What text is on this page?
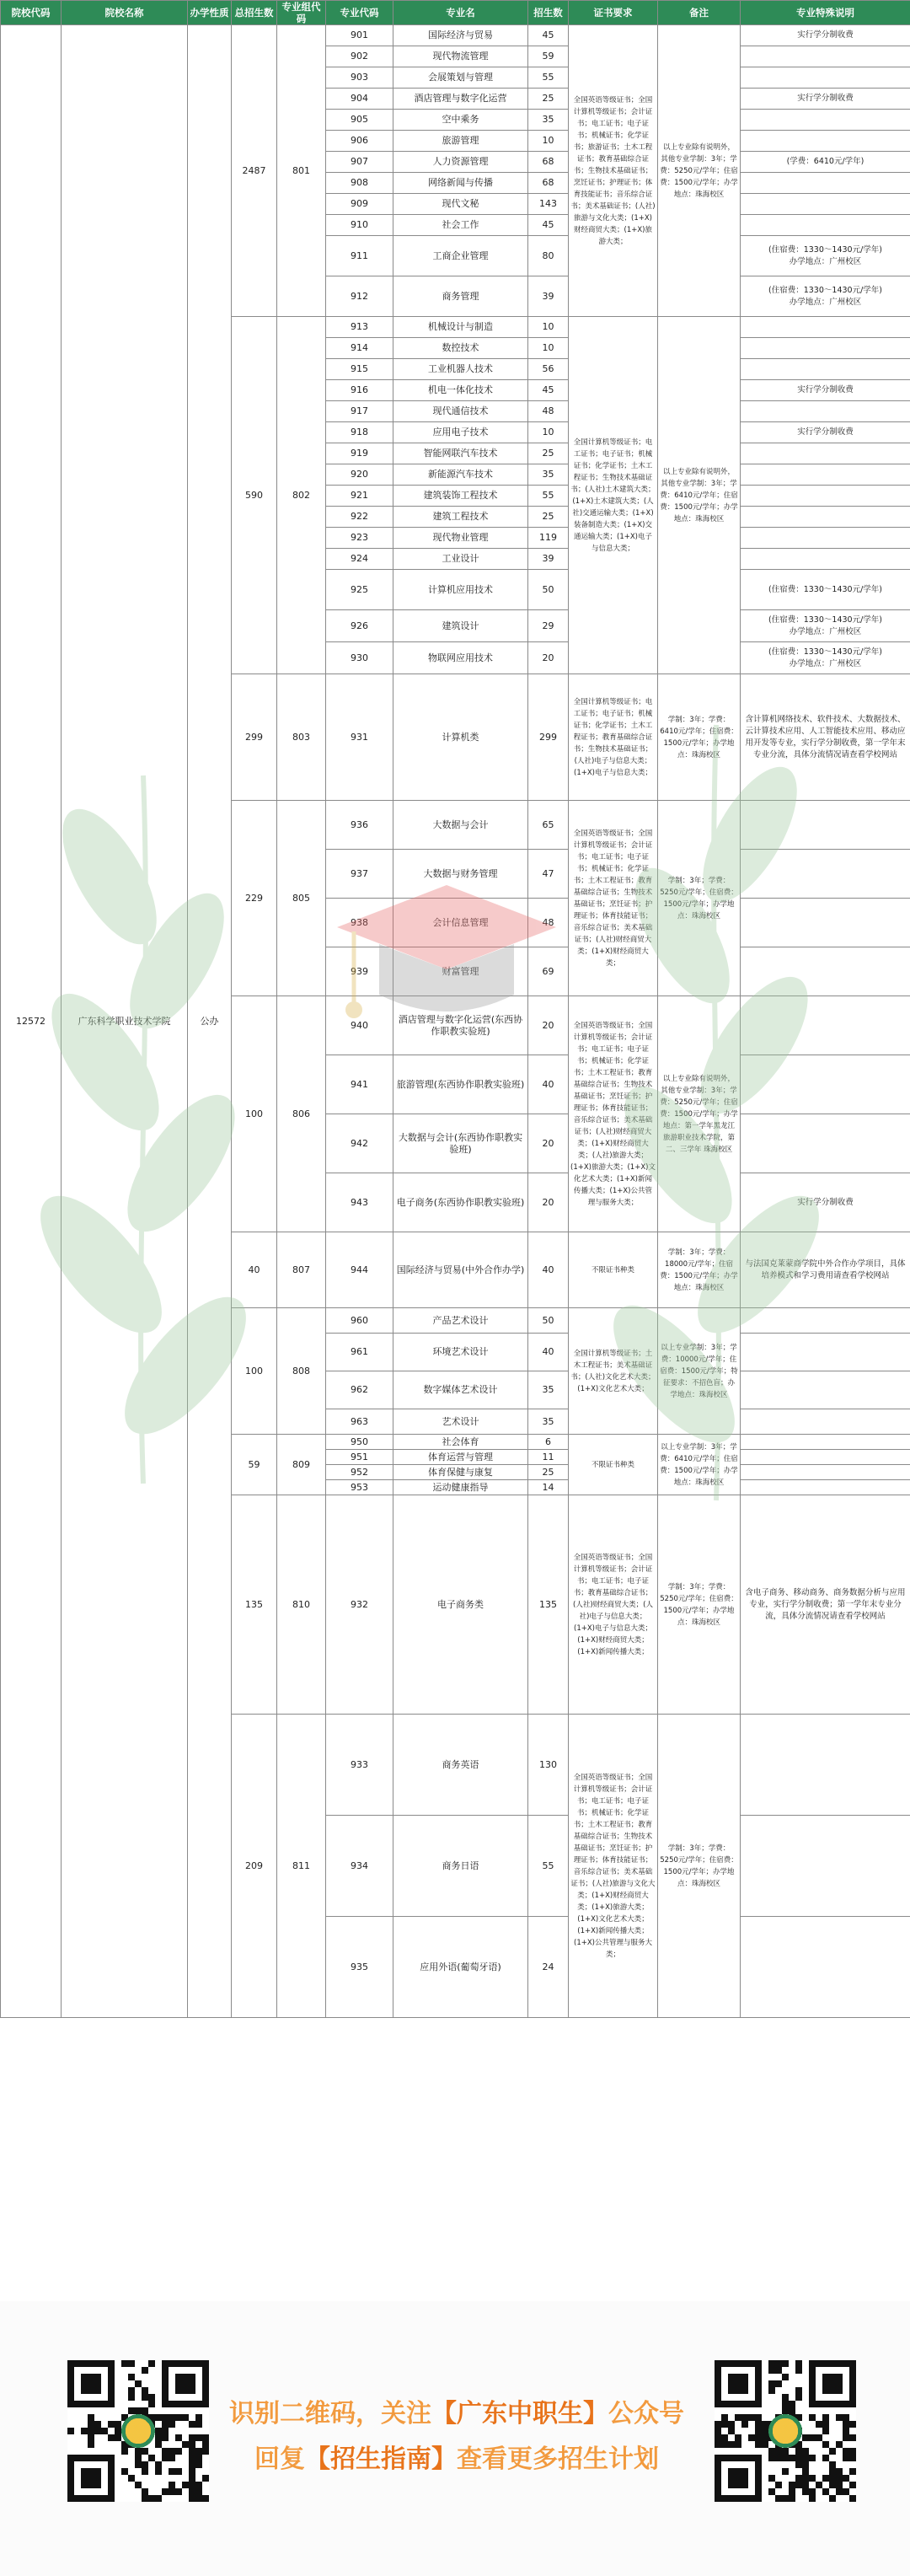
院校代码	院校名称	办学性质	总招生数	专业组代码	专业代码	专业名	招生数	证书要求	备注	专业特殊说明
12572	广东科学职业技术学院	公办	2487	801	901	国际经济与贸易	45	全国英语等级证书；全国计算机等级证书；会计证书；电工证书；电子证书；机械证书；化学证书；旅游证书；土木工程证书；教育基础综合证书；生物技术基础证书；烹饪证书；护理证书；体育技能证书；音乐综合证书；美术基础证书；(人社)旅游与文化大类；(1+X)财经商贸大类；(1+X)旅游大类；	以上专业除有说明外，其他专业学制：3年；学费：5250元/学年；住宿费：1500元/学年；办学地点：珠海校区	实行学分制收费
					902	现代物流管理	59			
					903	会展策划与管理	55			
					904	酒店管理与数字化运营	25			实行学分制收费
					905	空中乘务	35			
					906	旅游管理	10			
					907	人力资源管理	68			(学费：6410元/学年)
					908	网络新闻与传播	68			
					909	现代文秘	143			
					910	社会工作	45			
					911	工商企业管理	80			(住宿费：1330～1430元/学年)
办学地点：广州校区
					912	商务管理	39			(住宿费：1330～1430元/学年)
办学地点：广州校区
			590	802	913	机械设计与制造	10	全国计算机等级证书；电工证书；电子证书；机械证书；化学证书；土木工程证书；生物技术基础证书；(人社)土木建筑大类；(1+X)土木建筑大类；(人社)交通运输大类；(1+X)装备制造大类；(1+X)交通运输大类；(1+X)电子与信息大类；	以上专业除有说明外，其他专业学制：3年；学费：6410元/学年；住宿费：1500元/学年；办学地点：珠海校区	
					914	数控技术	10			
					915	工业机器人技术	56			
					916	机电一体化技术	45			实行学分制收费
					917	现代通信技术	48			
					918	应用电子技术	10			实行学分制收费
					919	智能网联汽车技术	25			
					920	新能源汽车技术	35			
					921	建筑装饰工程技术	55			
					922	建筑工程技术	25			
					923	现代物业管理	119			
					924	工业设计	39			
					925	计算机应用技术	50			(住宿费：1330～1430元/学年)
					926	建筑设计	29			(住宿费：1330～1430元/学年)
办学地点：广州校区
					930	物联网应用技术	20			(住宿费：1330～1430元/学年)
办学地点：广州校区
			299	803	931	计算机类	299	全国计算机等级证书；电工证书；电子证书；机械证书；化学证书；土木工程证书；教育基础综合证书；生物技术基础证书；(人社)电子与信息大类；(1+X)电子与信息大类；	学制：3年；学费：6410元/学年；住宿费：1500元/学年；办学地点：珠海校区	含计算机网络技术、软件技术、大数据技术、云计算技术应用、人工智能技术应用、移动应用开发等专业，实行学分制收费，第一学年末专业分流，具体分流情况请查看学校网站
			229	805	936	大数据与会计	65	全国英语等级证书；全国计算机等级证书；会计证书；电工证书；电子证书；机械证书；化学证书；土木工程证书；教育基础综合证书；生物技术基础证书；烹饪证书；护理证书；体育技能证书；音乐综合证书；美术基础证书；(人社)财经商贸大类；(1+X)财经商贸大类；	学制：3年；学费：5250元/学年；住宿费：1500元/学年；办学地点：珠海校区	
					937	大数据与财务管理	47			
					938	会计信息管理	48			
					939	财富管理	69			
			100	806	940	酒店管理与数字化运营(东西协作职教实验班)	20	全国英语等级证书；全国计算机等级证书；会计证书；电工证书；电子证书；机械证书；化学证书；土木工程证书；教育基础综合证书；生物技术基础证书；烹饪证书；护理证书；体育技能证书；音乐综合证书；美术基础证书；(人社)财经商贸大类；(1+X)财经商贸大类；(人社)旅游大类；(1+X)旅游大类；(1+X)文化艺术大类；(1+X)新闻传播大类；(1+X)公共管理与服务大类；	以上专业除有说明外，其他专业学制：3年；学费：5250元/学年；住宿费：1500元/学年；办学地点：第一学年黑龙江旅游职业技术学院，第二、三学年 珠海校区	
					941	旅游管理(东西协作职教实验班)	40			
					942	大数据与会计(东西协作职教实验班)	20			
					943	电子商务(东西协作职教实验班)	20			实行学分制收费
			40	807	944	国际经济与贸易(中外合作办学)	40	不限证书种类	学制：3年；学费：18000元/学年；住宿费：1500元/学年；办学地点：珠海校区	与法国克莱蒙商学院中外合作办学项目，具体培养模式和学习费用请查看学校网站
			100	808	960	产品艺术设计	50	全国计算机等级证书；土木工程证书；美术基础证书；(人社)文化艺术大类；(1+X)文化艺术大类；	以上专业学制：3年；学费：10000元/学年；住宿费：1500元/学年；特征要求：不招色盲；办学地点：珠海校区	
					961	环境艺术设计	40			
					962	数字媒体艺术设计	35			
					963	艺术设计	35			
			59	809	950	社会体育	6	不限证书种类	以上专业学制：3年；学费：6410元/学年；住宿费：1500元/学年；办学地点：珠海校区	
					951	体育运营与管理	11			
					952	体育保健与康复	25			
					953	运动健康指导	14			
			135	810	932	电子商务类	135	全国英语等级证书；全国计算机等级证书；会计证书；电工证书；电子证书；教育基础综合证书；(人社)财经商贸大类；(人社)电子与信息大类；(1+X)电子与信息大类；(1+X)财经商贸大类；(1+X)新闻传播大类；	学制：3年；学费：5250元/学年；住宿费：1500元/学年；办学地点：珠海校区	含电子商务、移动商务、商务数据分析与应用专业，实行学分制收费；第一学年末专业分流，具体分流情况请查看学校网站
			209	811	933	商务英语	130	全国英语等级证书；全国计算机等级证书；会计证书；电工证书；电子证书；机械证书；化学证书；土木工程证书；教育基础综合证书；生物技术基础证书；烹饪证书；护理证书；体育技能证书；音乐综合证书；美术基础证书；(人社)旅游与文化大类；(1+X)财经商贸大类；(1+X)旅游大类；(1+X)文化艺术大类；(1+X)新闻传播大类；(1+X)公共管理与服务大类；	学制：3年；学费：5250元/学年；住宿费：1500元/学年；办学地点：珠海校区	
					934	商务日语	55			
					935	应用外语(葡萄牙语)	24			
识别二维码，关注【广东中职生】公众号
回复【招生指南】查看更多招生计划
